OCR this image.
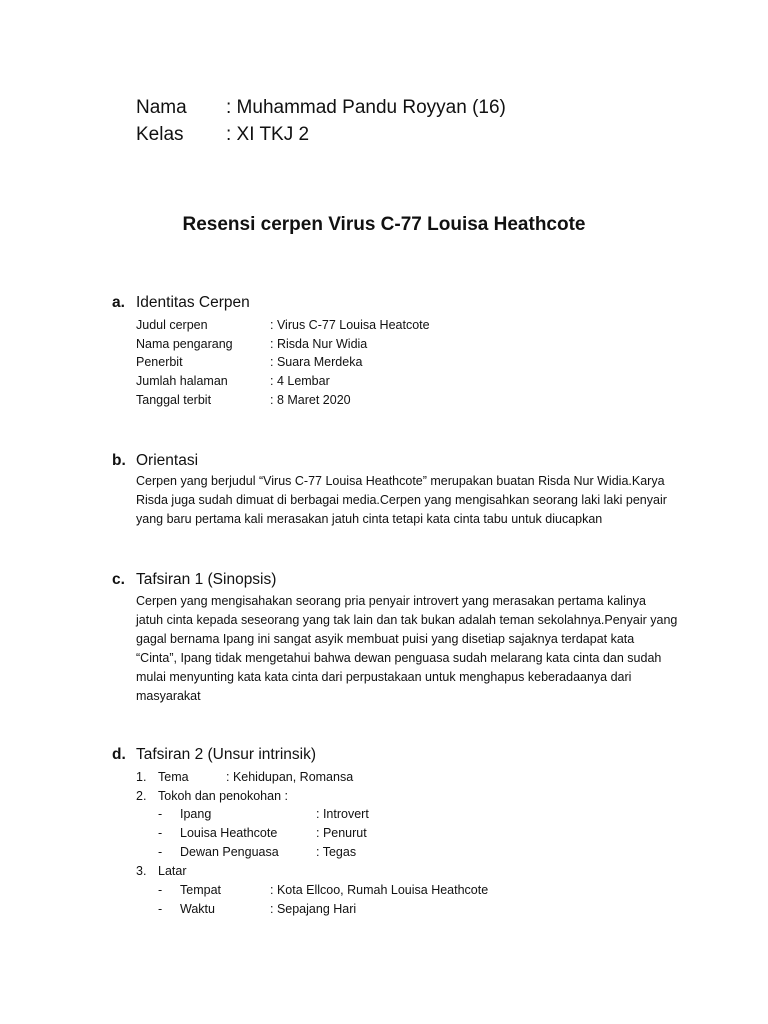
Nama : Muhammad Pandu Royyan (16)
Kelas : XI TKJ 2
Resensi cerpen Virus C-77 Louisa Heathcote
a. Identitas Cerpen
Judul cerpen	: Virus C-77 Louisa Heatcote
Nama pengarang	: Risda Nur Widia
Penerbit	: Suara Merdeka
Jumlah halaman	: 4 Lembar
Tanggal terbit	: 8 Maret 2020
b. Orientasi
Cerpen yang berjudul “Virus C-77 Louisa Heathcote” merupakan buatan Risda Nur Widia.Karya
Risda juga sudah dimuat di berbagai media.Cerpen yang mengisahkan seorang laki laki penyair
yang baru pertama kali merasakan jatuh cinta tetapi kata cinta tabu untuk diucapkan
c. Tafsiran 1 (Sinopsis)
Cerpen yang mengisahakan seorang pria penyair introvert yang merasakan pertama kalinya
jatuh cinta kepada seseorang yang tak lain dan tak bukan adalah teman sekolahnya.Penyair yang
gagal bernama Ipang ini sangat asyik membuat puisi yang disetiap sajaknya terdapat kata
“Cinta”, Ipang tidak mengetahui bahwa dewan penguasa sudah melarang kata cinta dan sudah
mulai menyunting kata kata cinta dari perpustakaan untuk menghapus keberadaanya dari
masyarakat
d. Tafsiran 2 (Unsur intrinsik)
1. Tema	: Kehidupan, Romansa
2. Tokoh dan penokohan :
- Ipang	: Introvert
- Louisa Heathcote	: Penurut
- Dewan Penguasa	: Tegas
3. Latar
- Tempat	: Kota Ellcoo, Rumah Louisa Heathcote
- Waktu	: Sepajang Hari
